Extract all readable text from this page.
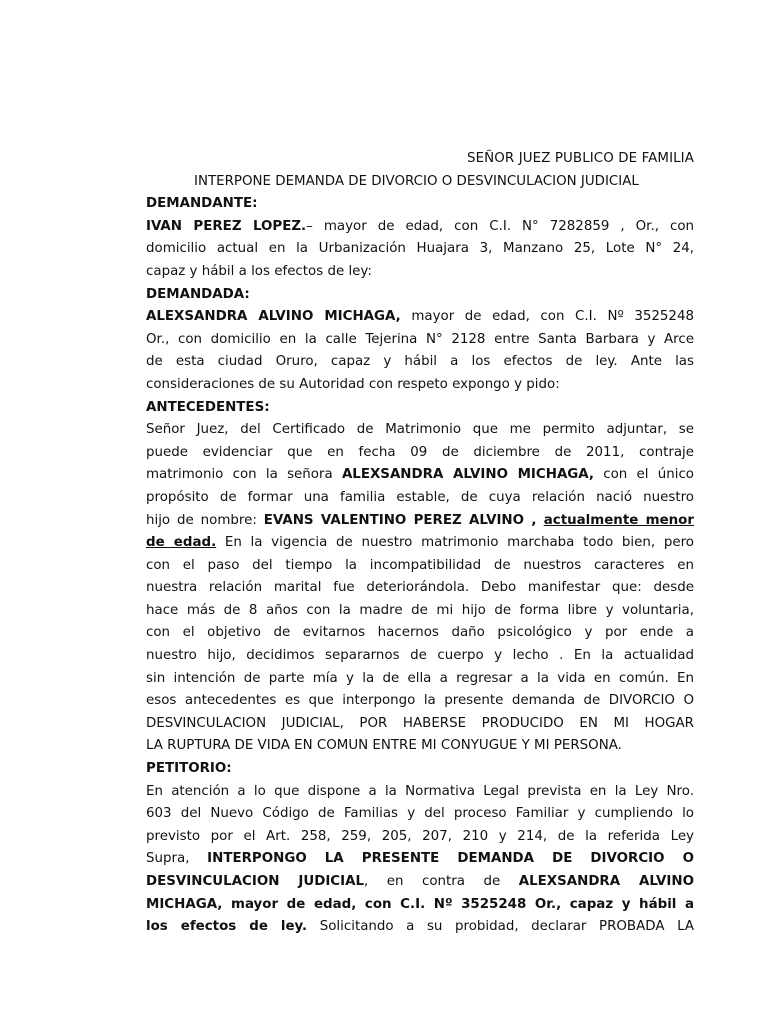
SEÑOR JUEZ PUBLICO DE FAMILIA
INTERPONE DEMANDA DE DIVORCIO O DESVINCULACION JUDICIAL
DEMANDANTE:
IVAN PEREZ LOPEZ.– mayor de edad, con C.I. N° 7282859 , Or., con
domicilio actual en la Urbanización Huajara 3, Manzano 25, Lote N° 24,
capaz y hábil a los efectos de ley:
DEMANDADA:
ALEXSANDRA ALVINO MICHAGA, mayor de edad, con C.I. Nº 3525248
Or., con domicilio en la calle Tejerina N° 2128 entre Santa Barbara y Arce
de esta ciudad Oruro, capaz y hábil a los efectos de ley. Ante las
consideraciones de su Autoridad con respeto expongo y pido:
ANTECEDENTES:
Señor Juez, del Certificado de Matrimonio que me permito adjuntar, se
puede evidenciar que en fecha 09 de diciembre de 2011, contraje
matrimonio con la señora ALEXSANDRA ALVINO MICHAGA, con el único
propósito de formar una familia estable, de cuya relación nació nuestro
hijo de nombre: EVANS VALENTINO PEREZ ALVINO , actualmente menor
de edad. En la vigencia de nuestro matrimonio marchaba todo bien, pero
con el paso del tiempo la incompatibilidad de nuestros caracteres en
nuestra relación marital fue deteriorándola. Debo manifestar que: desde
hace más de 8 años con la madre de mi hijo de forma libre y voluntaria,
con el objetivo de evitarnos hacernos daño psicológico y por ende a
nuestro hijo, decidimos separarnos de cuerpo y lecho . En la actualidad
sin intención de parte mía y la de ella a regresar a la vida en común. En
esos antecedentes es que interpongo la presente demanda de DIVORCIO O
DESVINCULACION JUDICIAL, POR HABERSE PRODUCIDO EN MI HOGAR
LA RUPTURA DE VIDA EN COMUN ENTRE MI CONYUGUE Y MI PERSONA.
PETITORIO:
En atención a lo que dispone a la Normativa Legal prevista en la Ley Nro.
603 del Nuevo Código de Familias y del proceso Familiar y cumpliendo lo
previsto por el Art. 258, 259, 205, 207, 210 y 214, de la referida Ley
Supra, INTERPONGO LA PRESENTE DEMANDA DE DIVORCIO O
DESVINCULACION JUDICIAL, en contra de ALEXSANDRA ALVINO
MICHAGA, mayor de edad, con C.I. Nº 3525248 Or., capaz y hábil a
los efectos de ley. Solicitando a su probidad, declarar PROBADA LA
